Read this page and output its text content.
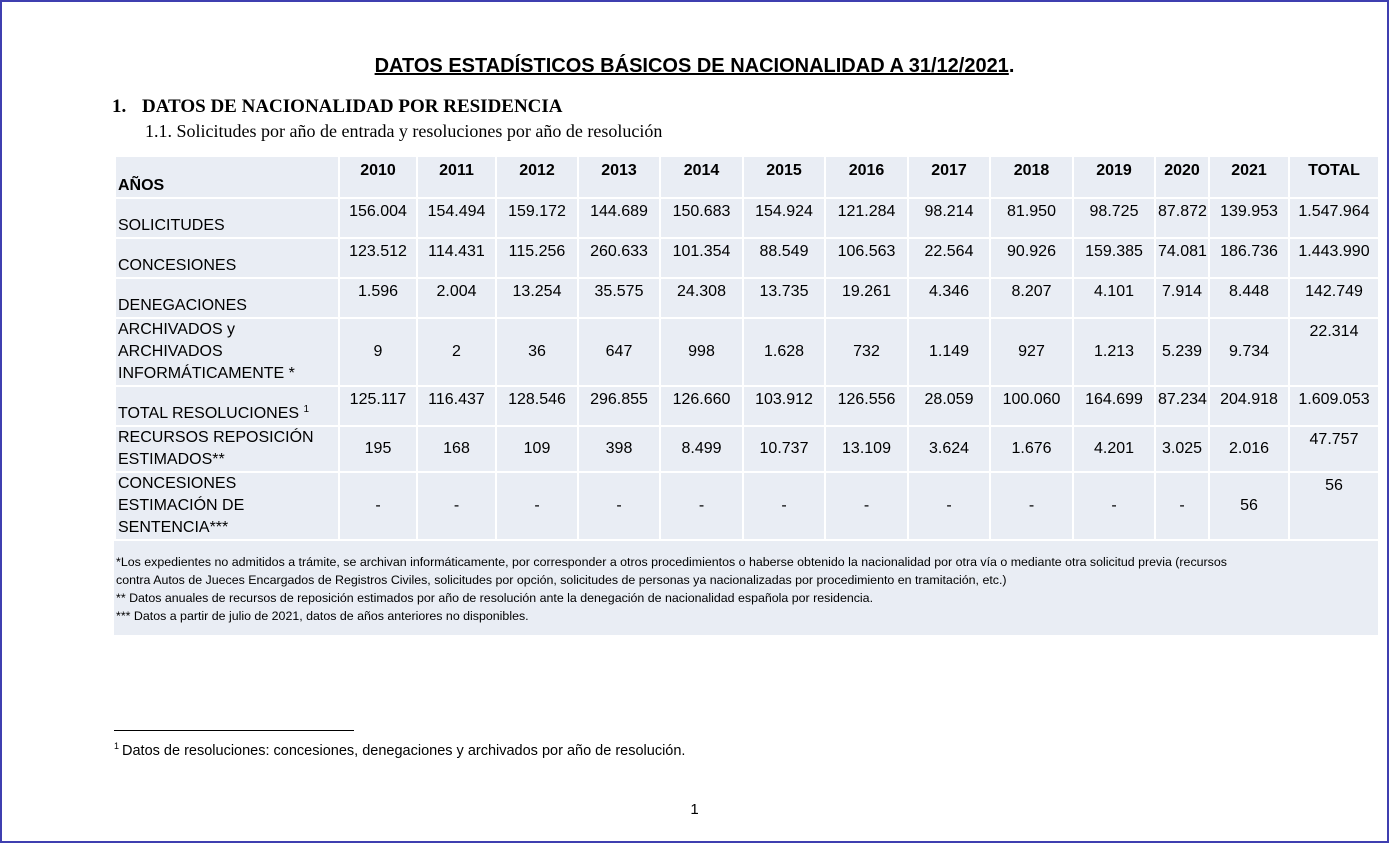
DATOS ESTADÍSTICOS BÁSICOS DE NACIONALIDAD A 31/12/2021.
1. DATOS DE NACIONALIDAD POR RESIDENCIA
1.1. Solicitudes por año de entrada y resoluciones por año de resolución
AÑOS	2010	2011	2012	2013	2014	2015	2016	2017	2018	2019	2020	2021	TOTAL
SOLICITUDES	156.004	154.494	159.172	144.689	150.683	154.924	121.284	98.214	81.950	98.725	87.872	139.953	1.547.964
CONCESIONES	123.512	114.431	115.256	260.633	101.354	88.549	106.563	22.564	90.926	159.385	74.081	186.736	1.443.990
DENEGACIONES	1.596	2.004	13.254	35.575	24.308	13.735	19.261	4.346	8.207	4.101	7.914	8.448	142.749
ARCHIVADOS y ARCHIVADOS INFORMÁTICAMENTE *	9	2	36	647	998	1.628	732	1.149	927	1.213	5.239	9.734	22.314
TOTAL RESOLUCIONES $^1$	125.117	116.437	128.546	296.855	126.660	103.912	126.556	28.059	100.060	164.699	87.234	204.918	1.609.053
RECURSOS REPOSICIÓN ESTIMADOS**	195	168	109	398	8.499	10.737	13.109	3.624	1.676	4.201	3.025	2.016	47.757
CONCESIONES ESTIMACIÓN DE SENTENCIA***	-	-	-	-	-	-	-	-	-	-	-	56	56
*Los expedientes no admitidos a trámite, se archivan informáticamente, por corresponder a otros procedimientos o haberse obtenido la nacionalidad por otra vía o mediante otra solicitud previa (recursos
contra Autos de Jueces Encargados de Registros Civiles, solicitudes por opción, solicitudes de personas ya nacionalizadas por procedimiento en tramitación, etc.)
** Datos anuales de recursos de reposición estimados por año de resolución ante la denegación de nacionalidad española por residencia.
*** Datos a partir de julio de 2021, datos de años anteriores no disponibles.
$^1$ Datos de resoluciones: concesiones, denegaciones y archivados por año de resolución.
1
